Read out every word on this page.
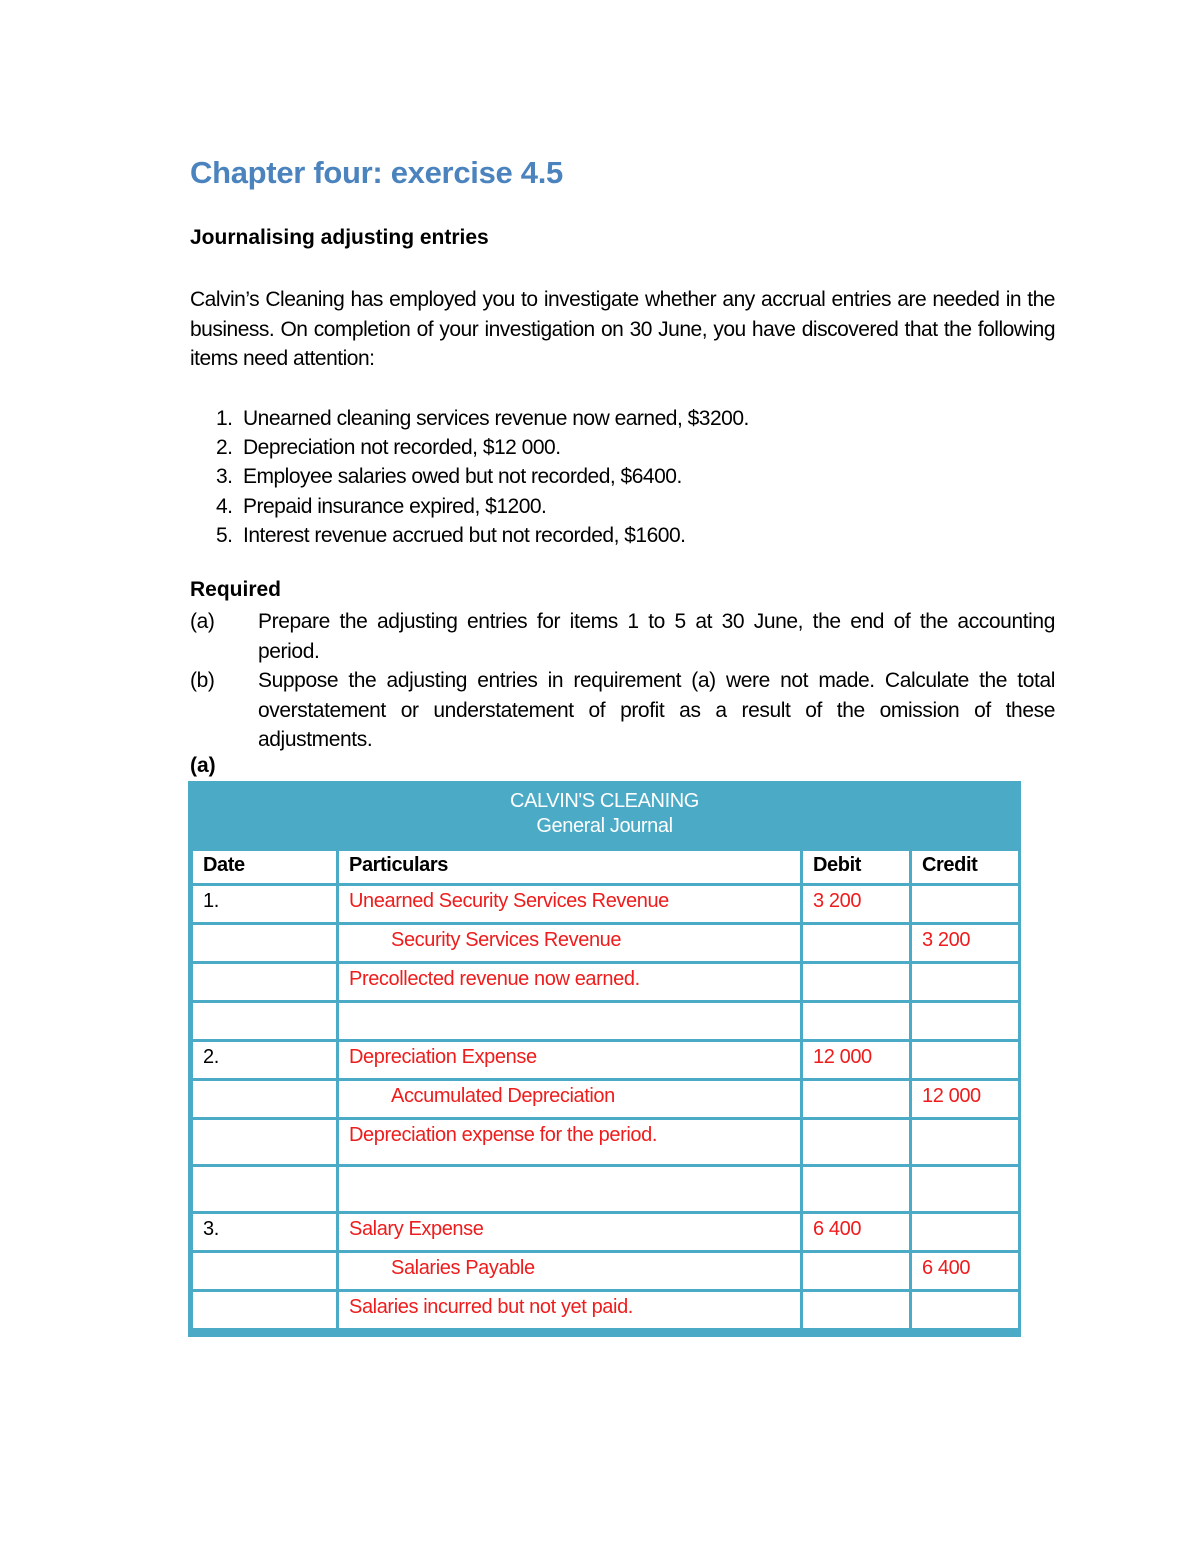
Chapter four: exercise 4.5
Journalising adjusting entries

Calvin’s Cleaning has employed you to investigate whether any accrual entries are needed in the business. On completion of your investigation on 30 June, you have discovered that the following items need attention:

1. Unearned cleaning services revenue now earned, $3200.
2. Depreciation not recorded, $12 000.
3. Employee salaries owed but not recorded, $6400.
4. Prepaid insurance expired, $1200.
5. Interest revenue accrued but not recorded, $1600.
Required
(a) Prepare the adjusting entries for items 1 to 5 at 30 June, the end of the accounting period.
(b) Suppose the adjusting entries in requirement (a) were not made. Calculate the total overstatement or understatement of profit as a result of the omission of these adjustments.
(a)
CALVIN'S CLEANING
General Journal
Date	Particulars	Debit	Credit
1.	Unearned Security Services Revenue	3 200	
	Security Services Revenue		3 200
	Precollected revenue now earned.		

2.	Depreciation Expense	12 000	
	Accumulated Depreciation		12 000
	Depreciation expense for the period.		

3.	Salary Expense	6 400	
	Salaries Payable		6 400
	Salaries incurred but not yet paid.		
